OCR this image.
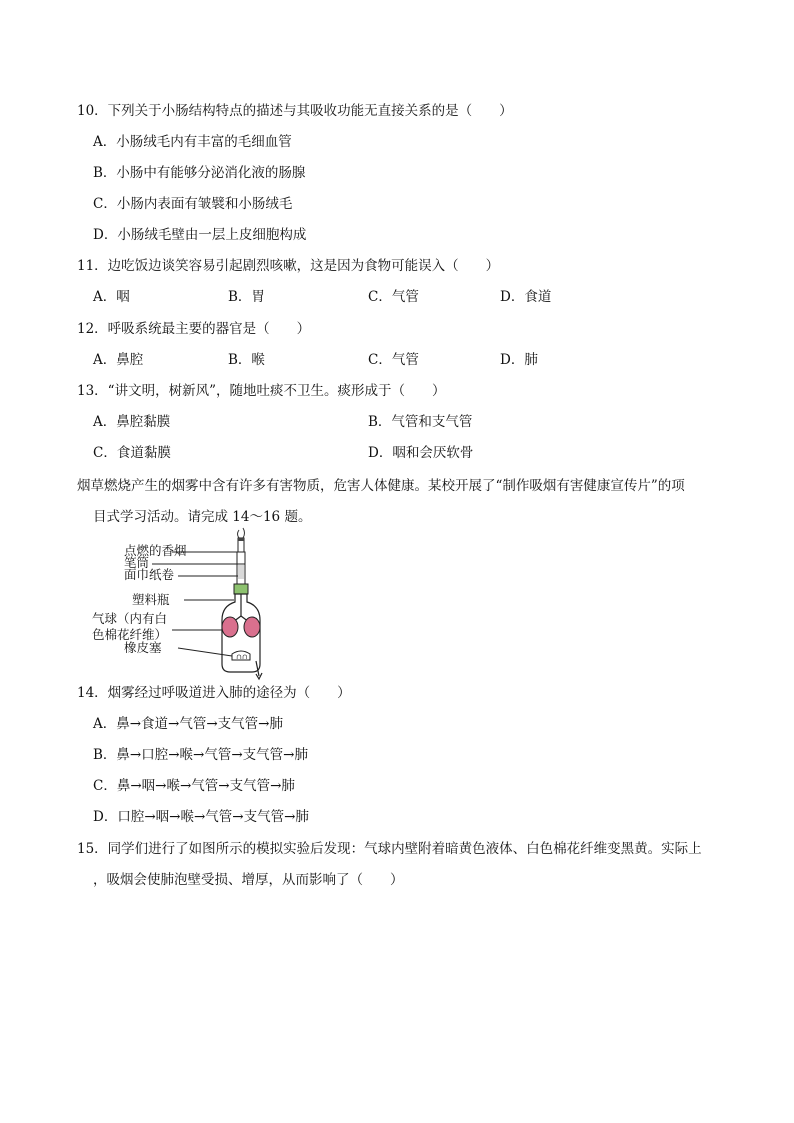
10．下列关于小肠结构特点的描述与其吸收功能无直接关系的是（　　）
A．小肠绒毛内有丰富的毛细血管
B．小肠中有能够分泌消化液的肠腺
C．小肠内表面有皱襞和小肠绒毛
D．小肠绒毛壁由一层上皮细胞构成
11．边吃饭边谈笑容易引起剧烈咳嗽，这是因为食物可能误入（　　）
A．咽	B．胃	C．气管	D．食道
12．呼吸系统最主要的器官是（　　）
A．鼻腔	B．喉	C．气管	D．肺
13．“讲文明，树新风”，随地吐痰不卫生。痰形成于（　　）
A．鼻腔黏膜	B．气管和支气管
C．食道黏膜	D．咽和会厌软骨
烟草燃烧产生的烟雾中含有许多有害物质，危害人体健康。某校开展了“制作吸烟有害健康宣传片”的项
目式学习活动。请完成 14～16 题。
∩∩
点燃的香烟
笔筒
面巾纸卷
塑料瓶
气球（内有白
色棉花纤维）
橡皮塞
14．烟雾经过呼吸道进入肺的途径为（　　）
A．鼻→食道→气管→支气管→肺
B．鼻→口腔→喉→气管→支气管→肺
C．鼻→咽→喉→气管→支气管→肺
D．口腔→咽→喉→气管→支气管→肺
15．同学们进行了如图所示的模拟实验后发现：气球内壁附着暗黄色液体、白色棉花纤维变黑黄。实际上
，吸烟会使肺泡壁受损、增厚，从而影响了（　　）
